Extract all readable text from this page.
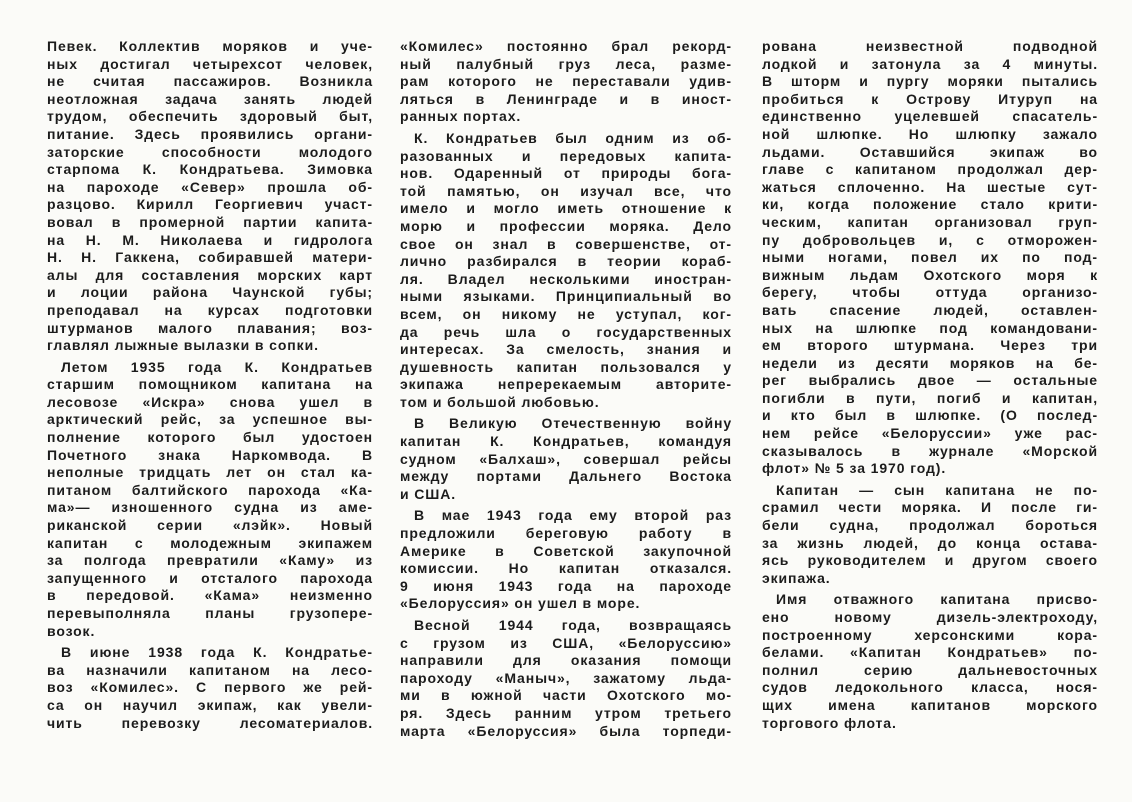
Певек. Коллектив моряков и уче-
ных достигал четырехсот человек,
не считая пассажиров. Возникла
неотложная задача занять людей
трудом, обеспечить здоровый быт,
питание. Здесь проявились органи-
заторские способности молодого
старпома К. Кондратьева. Зимовка
на пароходе «Север» прошла об-
разцово. Кирилл Георгиевич участ-
вовал в промерной партии капита-
на Н. М. Николаева и гидролога
Н. Н. Гаккена, собиравшей матери-
алы для составления морских карт
и лоции района Чаунской губы;
преподавал на курсах подготовки
штурманов малого плавания; воз-
главлял лыжные вылазки в сопки.
Летом 1935 года К. Кондратьев
старшим помощником капитана на
лесовозе «Искра» снова ушел в
арктический рейс, за успешное вы-
полнение которого был удостоен
Почетного знака Наркомвода. В
неполные тридцать лет он стал ка-
питаном балтийского парохода «Ка-
ма»— изношенного судна из аме-
риканской серии «лэйк». Новый
капитан с молодежным экипажем
за полгода превратили «Каму» из
запущенного и отсталого парохода
в передовой. «Кама» неизменно
перевыполняла планы грузопере-
возок.
В июне 1938 года К. Кондратье-
ва назначили капитаном на лесо-
воз «Комилес». С первого же рей-
са он научил экипаж, как увели-
чить перевозку лесоматериалов.
«Комилес» постоянно брал рекорд-
ный палубный груз леса, разме-
рам которого не переставали удив-
ляться в Ленинграде и в иност-
ранных портах.
К. Кондратьев был одним из об-
разованных и передовых капита-
нов. Одаренный от природы бога-
той памятью, он изучал все, что
имело и могло иметь отношение к
морю и профессии моряка. Дело
свое он знал в совершенстве, от-
лично разбирался в теории кораб-
ля. Владел несколькими иностран-
ными языками. Принципиальный во
всем, он никому не уступал, ког-
да речь шла о государственных
интересах. За смелость, знания и
душевность капитан пользовался у
экипажа непререкаемым авторите-
том и большой любовью.
В Великую Отечественную войну
капитан К. Кондратьев, командуя
судном «Балхаш», совершал рейсы
между портами Дальнего Востока
и США.
В мае 1943 года ему второй раз
предложили береговую работу в
Америке в Советской закупочной
комиссии. Но капитан отказался.
9 июня 1943 года на пароходе
«Белоруссия» он ушел в море.
Весной 1944 года, возвращаясь
с грузом из США, «Белоруссию»
направили для оказания помощи
пароходу «Маныч», зажатому льда-
ми в южной части Охотского мо-
ря. Здесь ранним утром третьего
марта «Белоруссия» была торпеди-
рована неизвестной подводной
лодкой и затонула за 4 минуты.
В шторм и пургу моряки пытались
пробиться к Острову Итуруп на
единственно уцелевшей спасатель-
ной шлюпке. Но шлюпку зажало
льдами. Оставшийся экипаж во
главе с капитаном продолжал дер-
жаться сплоченно. На шестые сут-
ки, когда положение стало крити-
ческим, капитан организовал груп-
пу добровольцев и, с отморожен-
ными ногами, повел их по под-
вижным льдам Охотского моря к
берегу, чтобы оттуда организо-
вать спасение людей, оставлен-
ных на шлюпке под командовани-
ем второго штурмана. Через три
недели из десяти моряков на бе-
рег выбрались двое — остальные
погибли в пути, погиб и капитан,
и кто был в шлюпке. (О послед-
нем рейсе «Белоруссии» уже рас-
сказывалось в журнале «Морской
флот» № 5 за 1970 год).
Капитан — сын капитана не по-
срамил чести моряка. И после ги-
бели судна, продолжал бороться
за жизнь людей, до конца остава-
ясь руководителем и другом своего
экипажа.
Имя отважного капитана присво-
ено новому дизель-электроходу,
построенному херсонскими кора-
белами. «Капитан Кондратьев» по-
полнил серию дальневосточных
судов ледокольного класса, нося-
щих имена капитанов морского
торгового флота.
